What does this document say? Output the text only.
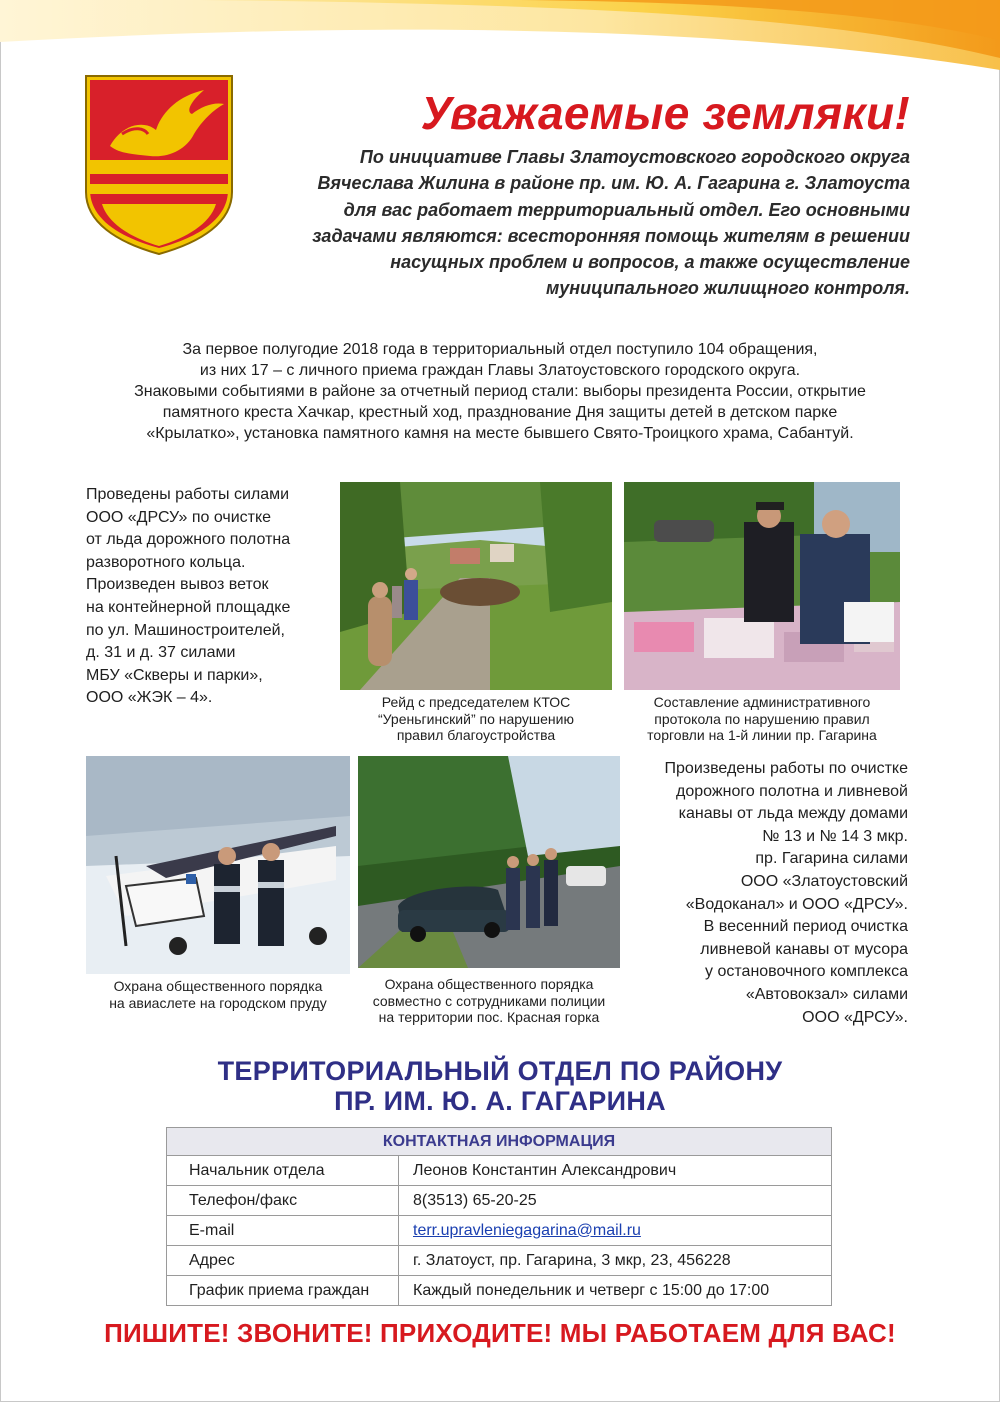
Уважаемые земляки!
По инициативе Главы Златоустовского городского округа
Вячеслава Жилина в районе пр. им. Ю. А. Гагарина г. Златоуста
для вас работает территориальный отдел. Его основными
задачами являются: всесторонняя помощь жителям в решении
насущных проблем и вопросов, а также осуществление
муниципального жилищного контроля.
За первое полугодие 2018 года в территориальный отдел поступило 104 обращения,
из них 17 – с личного приема граждан Главы Златоустовского городского округа.
Знаковыми событиями в районе за отчетный период стали: выборы президента России, открытие
памятного креста Хачкар, крестный ход, празднование Дня защиты детей в детском парке
«Крылатко», установка памятного камня на месте бывшего Свято-Троицкого храма, Сабантуй.
Проведены работы силами
ООО «ДРСУ» по очистке
от льда дорожного полотна
разворотного кольца.
Произведен вывоз веток
на контейнерной площадке
по ул. Машиностроителей,
д. 31 и д. 37 силами
МБУ «Скверы и парки»,
ООО «ЖЭК – 4».	Рейд с председателем КТОС
“Уреньгинский” по нарушению
правил благоустройства
Составление административного
протокола по нарушению правил
торговли на 1-й линии пр. Гагарина
Охрана общественного порядка
на авиаслете на городском пруду
Охрана общественного порядка
совместно с сотрудниками полиции
на территории пос. Красная горка
Произведены работы по очистке
дорожного полотна и ливневой
канавы от льда между домами
№ 13 и № 14 3 мкр.
пр. Гагарина силами
ООО «Златоустовский
«Водоканал» и ООО «ДРСУ».
В весенний период очистка
ливневой канавы от мусора
у остановочного комплекса
«Автовокзал» силами
ООО «ДРСУ».
ТЕРРИТОРИАЛЬНЫЙ ОТДЕЛ ПО РАЙОНУ
ПР. ИМ. Ю. А. ГАГАРИНА
КОНТАКТНАЯ ИНФОРМАЦИЯ	
Начальник отдела	Леонов Константин Александрович
Телефон/факс	8(3513) 65-20-25
E-mail	terr.upravleniegagarina@mail.ru
Адрес	г. Златоуст, пр. Гагарина, 3 мкр, 23, 456228
График приема граждан	Каждый понедельник и четверг с 15:00 до 17:00
ПИШИТЕ! ЗВОНИТЕ! ПРИХОДИТЕ! МЫ РАБОТАЕМ ДЛЯ ВАС!
